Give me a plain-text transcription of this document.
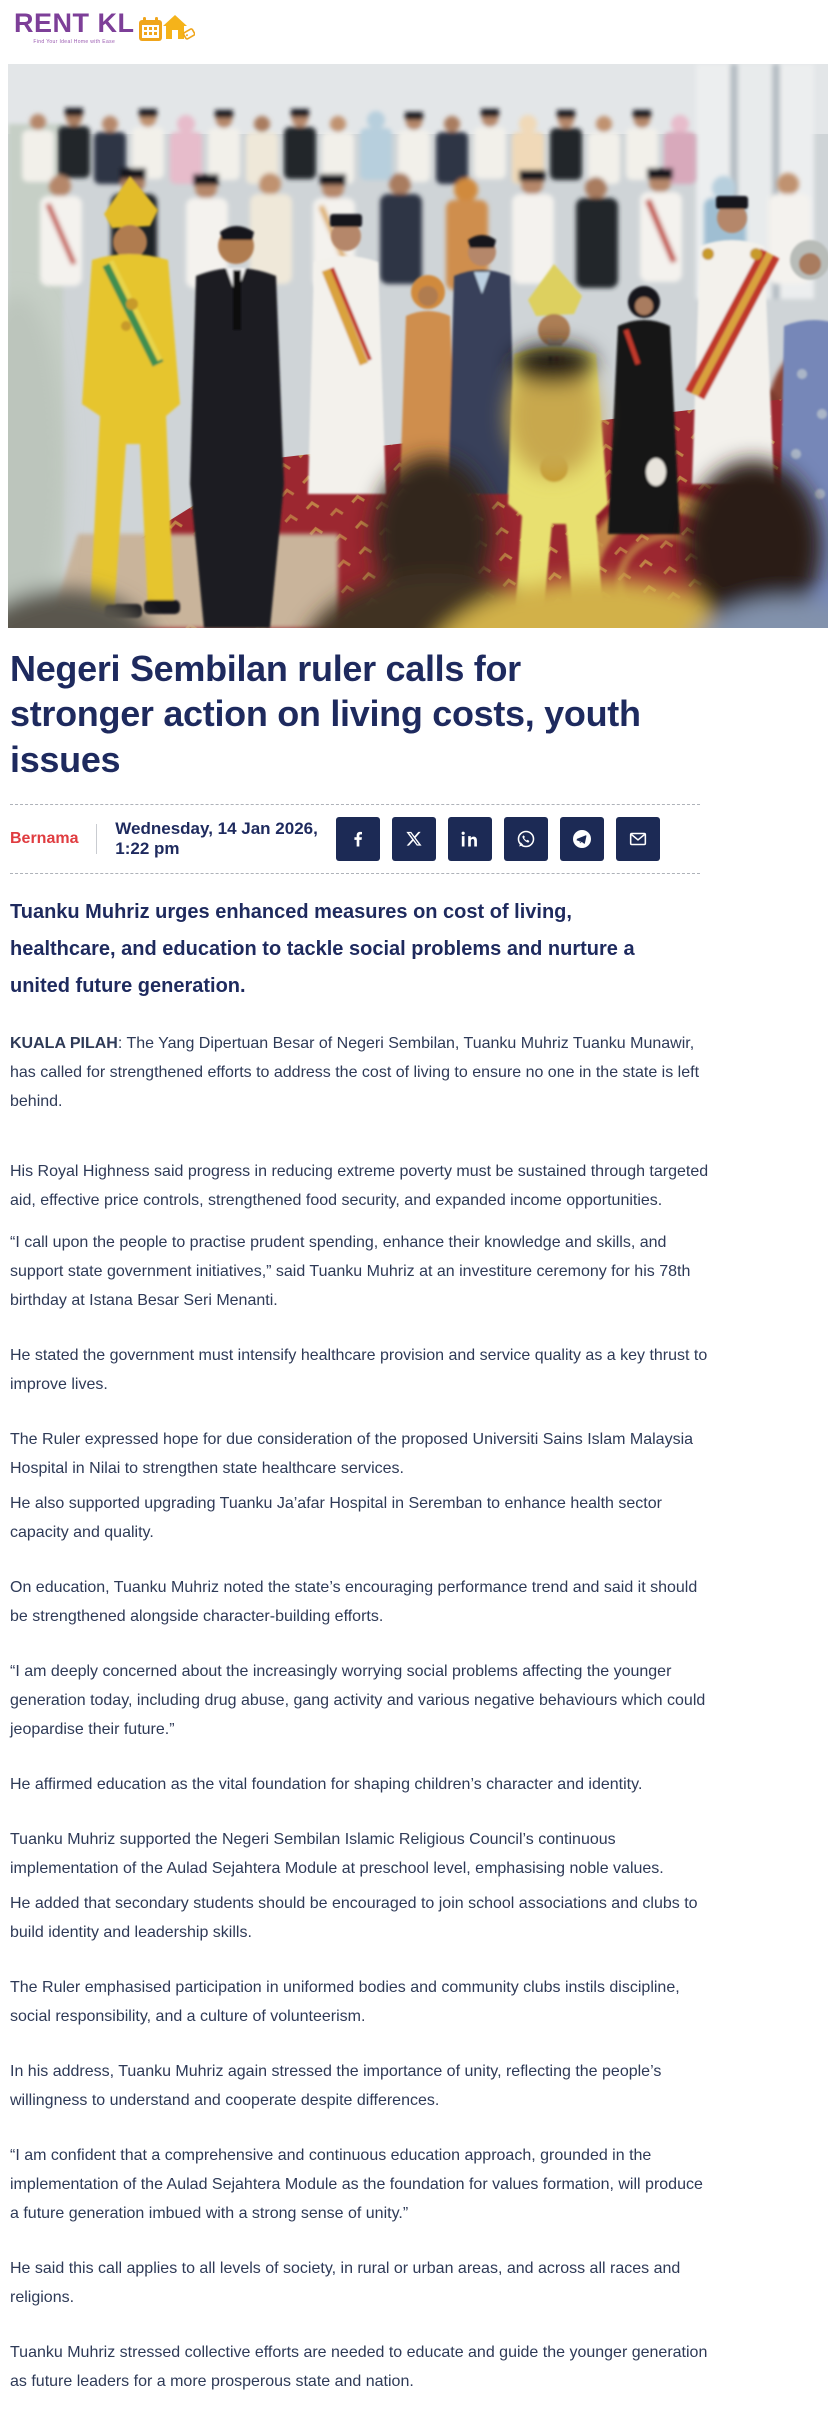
RENT KL
Find Your Ideal Home with Ease
Negeri Sembilan ruler calls for stronger action on living costs, youth issues
Bernama
Wednesday, 14 Jan 2026, 1:22 pm

Tuanku Muhriz urges enhanced measures on cost of living, healthcare, and education to tackle social problems and nurture a united future generation.

KUALA PILAH: The Yang Dipertuan Besar of Negeri Sembilan, Tuanku Muhriz Tuanku Munawir, has called for strengthened efforts to address the cost of living to ensure no one in the state is left behind.

His Royal Highness said progress in reducing extreme poverty must be sustained through targeted aid, effective price controls, strengthened food security, and expanded income opportunities.

“I call upon the people to practise prudent spending, enhance their knowledge and skills, and support state government initiatives,” said Tuanku Muhriz at an investiture ceremony for his 78th birthday at Istana Besar Seri Menanti.

He stated the government must intensify healthcare provision and service quality as a key thrust to improve lives.

The Ruler expressed hope for due consideration of the proposed Universiti Sains Islam Malaysia Hospital in Nilai to strengthen state healthcare services.

He also supported upgrading Tuanku Ja’afar Hospital in Seremban to enhance health sector capacity and quality.

On education, Tuanku Muhriz noted the state’s encouraging performance trend and said it should be strengthened alongside character-building efforts.

“I am deeply concerned about the increasingly worrying social problems affecting the younger generation today, including drug abuse, gang activity and various negative behaviours which could jeopardise their future.”

He affirmed education as the vital foundation for shaping children’s character and identity.

Tuanku Muhriz supported the Negeri Sembilan Islamic Religious Council’s continuous implementation of the Aulad Sejahtera Module at preschool level, emphasising noble values.

He added that secondary students should be encouraged to join school associations and clubs to build identity and leadership skills.

The Ruler emphasised participation in uniformed bodies and community clubs instils discipline, social responsibility, and a culture of volunteerism.

In his address, Tuanku Muhriz again stressed the importance of unity, reflecting the people’s willingness to understand and cooperate despite differences.

“I am confident that a comprehensive and continuous education approach, grounded in the implementation of the Aulad Sejahtera Module as the foundation for values formation, will produce a future generation imbued with a strong sense of unity.”

He said this call applies to all levels of society, in rural or urban areas, and across all races and religions.

Tuanku Muhriz stressed collective efforts are needed to educate and guide the younger generation as future leaders for a more prosperous state and nation.
